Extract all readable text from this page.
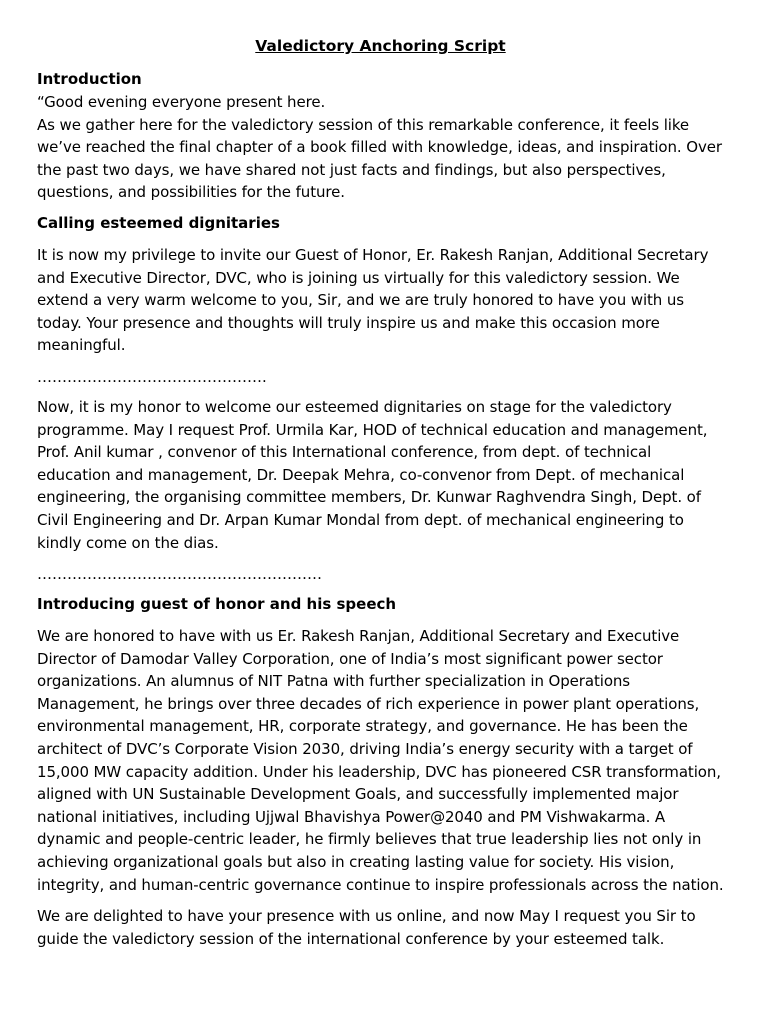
Valedictory Anchoring Script

Introduction

“Good evening everyone present here.

As we gather here for the valedictory session of this remarkable conference, it feels like we’ve reached the final chapter of a book filled with knowledge, ideas, and inspiration. Over the past two days, we have shared not just facts and findings, but also perspectives, questions, and possibilities for the future.

Calling esteemed dignitaries

It is now my privilege to invite our Guest of Honor, Er. Rakesh Ranjan, Additional Secretary and Executive Director, DVC, who is joining us virtually for this valedictory session. We extend a very warm welcome to you, Sir, and we are truly honored to have you with us today. Your presence and thoughts will truly inspire us and make this occasion more meaningful.

……………………………………….

Now, it is my honor to welcome our esteemed dignitaries on stage for the valedictory programme. May I request Prof. Urmila Kar, HOD of technical education and management, Prof. Anil kumar , convenor of this International conference, from dept. of technical education and management, Dr. Deepak Mehra, co-convenor from Dept. of mechanical engineering, the organising committee members, Dr. Kunwar Raghvendra Singh, Dept. of Civil Engineering and Dr. Arpan Kumar Mondal from dept. of mechanical engineering to kindly come on the dias.

…………………………………………………

Introducing guest of honor and his speech

We are honored to have with us Er. Rakesh Ranjan, Additional Secretary and Executive Director of Damodar Valley Corporation, one of India’s most significant power sector organizations. An alumnus of NIT Patna with further specialization in Operations Management, he brings over three decades of rich experience in power plant operations, environmental management, HR, corporate strategy, and governance. He has been the architect of DVC’s Corporate Vision 2030, driving India’s energy security with a target of 15,000 MW capacity addition. Under his leadership, DVC has pioneered CSR transformation, aligned with UN Sustainable Development Goals, and successfully implemented major national initiatives, including Ujjwal Bhavishya Power@2040 and PM Vishwakarma. A dynamic and people-centric leader, he firmly believes that true leadership lies not only in achieving organizational goals but also in creating lasting value for society. His vision, integrity, and human-centric governance continue to inspire professionals across the nation.

We are delighted to have your presence with us online, and now May I request you Sir to guide the valedictory session of the international conference by your esteemed talk.
